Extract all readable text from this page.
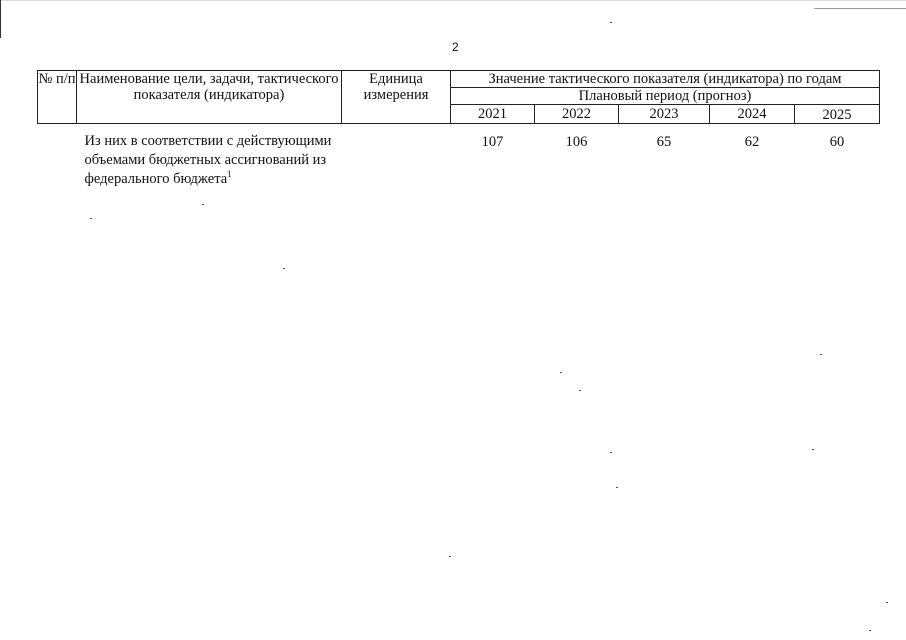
2
№ п/п	Наименование цели, задачи, тактического показателя (индикатора)	Единица измерения	Значение тактического показателя (индикатора) по годам				
			Плановый период (прогноз)				
			2021	2022	2023	2024	2025
	Из них в соответствии с действующими объемами бюджетных ассигнований из федерального бюджета$^1$		107	106	65	62	60
